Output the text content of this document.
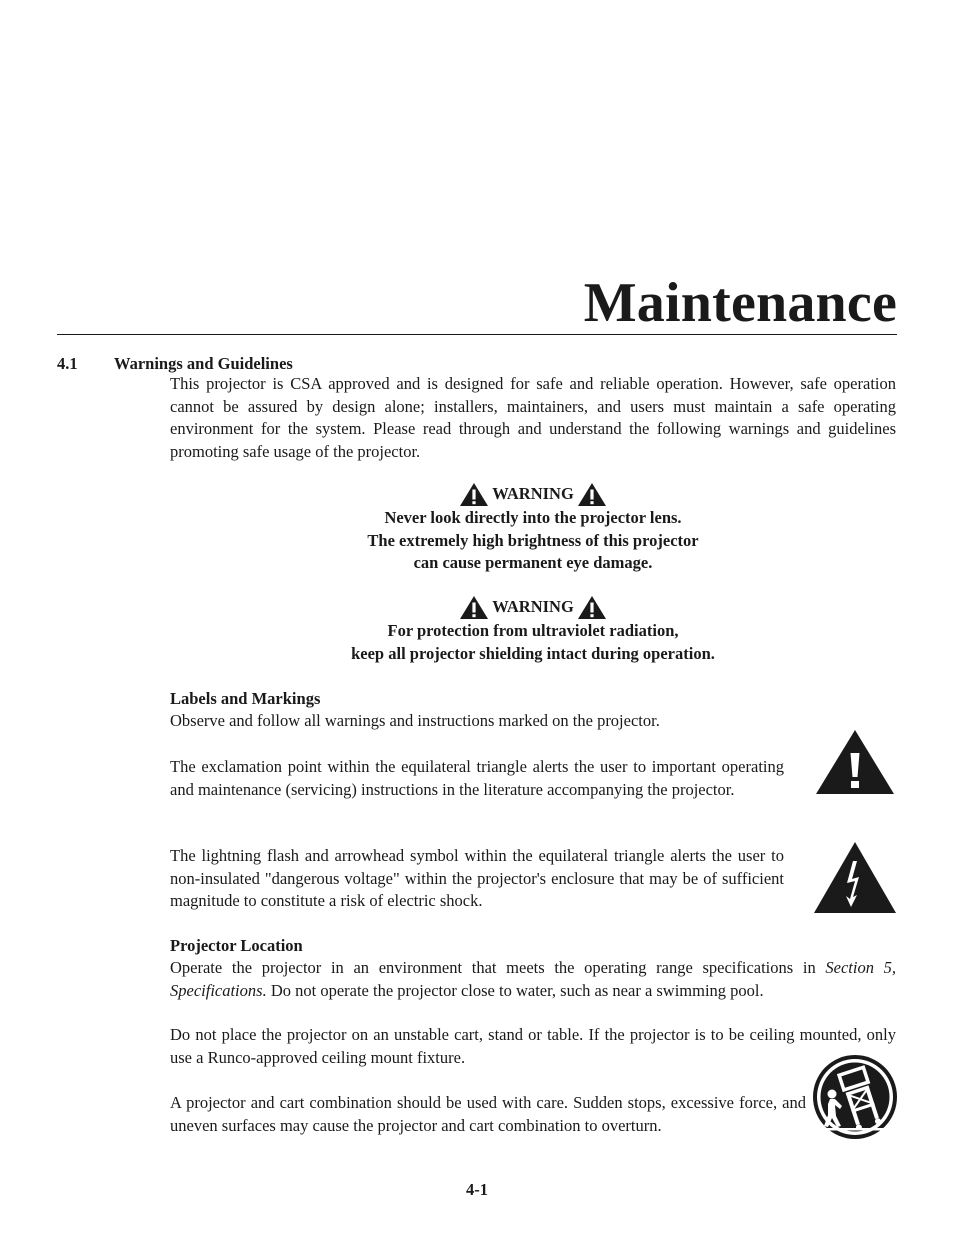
Maintenance
4.1 Warnings and Guidelines

This projector is CSA approved and is designed for safe and reliable operation. However, safe operation cannot be assured by design alone; installers, maintainers, and users must maintain a safe operating environment for the system. Please read through and understand the following warnings and guidelines promoting safe usage of the projector.

WARNING
Never look directly into the projector lens.
The extremely high brightness of this projector
can cause permanent eye damage.
WARNING
For protection from ultraviolet radiation,
keep all projector shielding intact during operation.
Labels and Markings

Observe and follow all warnings and instructions marked on the projector.

The exclamation point within the equilateral triangle alerts the user to important operating and maintenance (servicing) instructions in the literature accompanying the projector.

The lightning flash and arrowhead symbol within the equilateral triangle alerts the user to non-insulated "dangerous voltage" within the projector's enclosure that may be of sufficient magnitude to constitute a risk of electric shock.

Projector Location

Operate the projector in an environment that meets the operating range specifications in Section 5, Specifications. Do not operate the projector close to water, such as near a swimming pool.

Do not place the projector on an unstable cart, stand or table. If the projector is to be ceiling mounted, only use a Runco-approved ceiling mount fixture.

A projector and cart combination should be used with care. Sudden stops, excessive force, and uneven surfaces may cause the projector and cart combination to overturn.

4-1
